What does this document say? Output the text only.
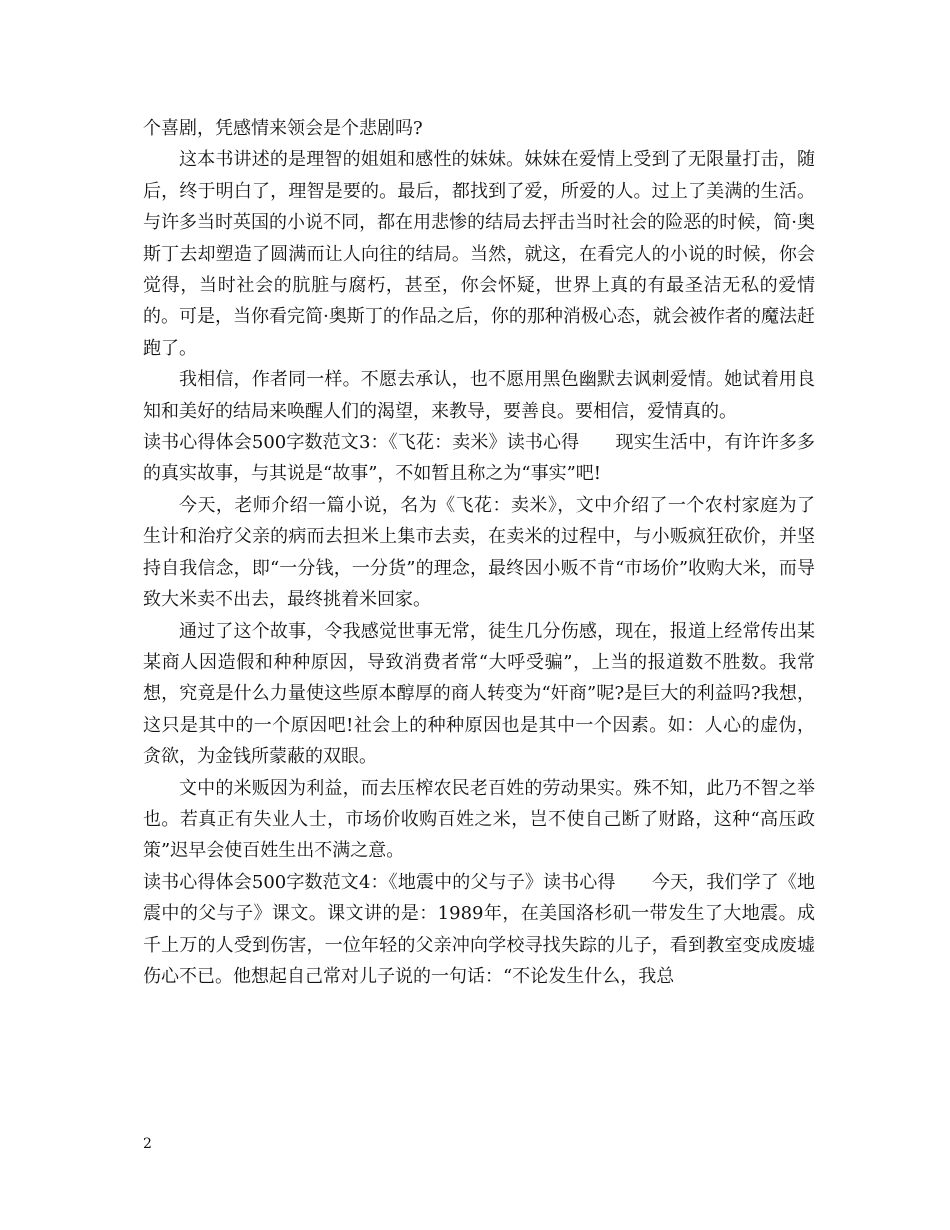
个喜剧，凭感情来领会是个悲剧吗?

这本书讲述的是理智的姐姐和感性的妹妹。妹妹在爱情上受到了无限量打击，随后，终于明白了，理智是要的。最后，都找到了爱，所爱的人。过上了美满的生活。与许多当时英国的小说不同，都在用悲惨的结局去抨击当时社会的险恶的时候，简·奥斯丁去却塑造了圆满而让人向往的结局。当然，就这，在看完人的小说的时候，你会觉得，当时社会的肮脏与腐朽，甚至，你会怀疑，世界上真的有最圣洁无私的爱情的。可是，当你看完简·奥斯丁的作品之后，你的那种消极心态，就会被作者的魔法赶跑了。

我相信，作者同一样。不愿去承认，也不愿用黑色幽默去讽刺爱情。她试着用良知和美好的结局来唤醒人们的渴望，来教导，要善良。要相信，爱情真的。

读书心得体会500字数范文3：《飞花：卖米》读书心得　　现实生活中，有许许多多的真实故事，与其说是“故事”，不如暂且称之为“事实”吧!

今天，老师介绍一篇小说，名为《飞花：卖米》，文中介绍了一个农村家庭为了生计和治疗父亲的病而去担米上集市去卖，在卖米的过程中，与小贩疯狂砍价，并坚持自我信念，即“一分钱，一分货”的理念，最终因小贩不肯“市场价”收购大米，而导致大米卖不出去，最终挑着米回家。

通过了这个故事，令我感觉世事无常，徒生几分伤感，现在，报道上经常传出某某商人因造假和种种原因，导致消费者常“大呼受骗”，上当的报道数不胜数。我常想，究竟是什么力量使这些原本醇厚的商人转变为“奸商”呢?是巨大的利益吗?我想，这只是其中的一个原因吧!社会上的种种原因也是其中一个因素。如：人心的虚伪，贪欲，为金钱所蒙蔽的双眼。

文中的米贩因为利益，而去压榨农民老百姓的劳动果实。殊不知，此乃不智之举也。若真正有失业人士，市场价收购百姓之米，岂不使自己断了财路，这种“高压政策”迟早会使百姓生出不满之意。

读书心得体会500字数范文4：《地震中的父与子》读书心得　　今天，我们学了《地震中的父与子》课文。课文讲的是：1989年，在美国洛杉矶一带发生了大地震。成千上万的人受到伤害，一位年轻的父亲冲向学校寻找失踪的儿子，看到教室变成废墟伤心不已。他想起自己常对儿子说的一句话：“不论发生什么，我总

2
